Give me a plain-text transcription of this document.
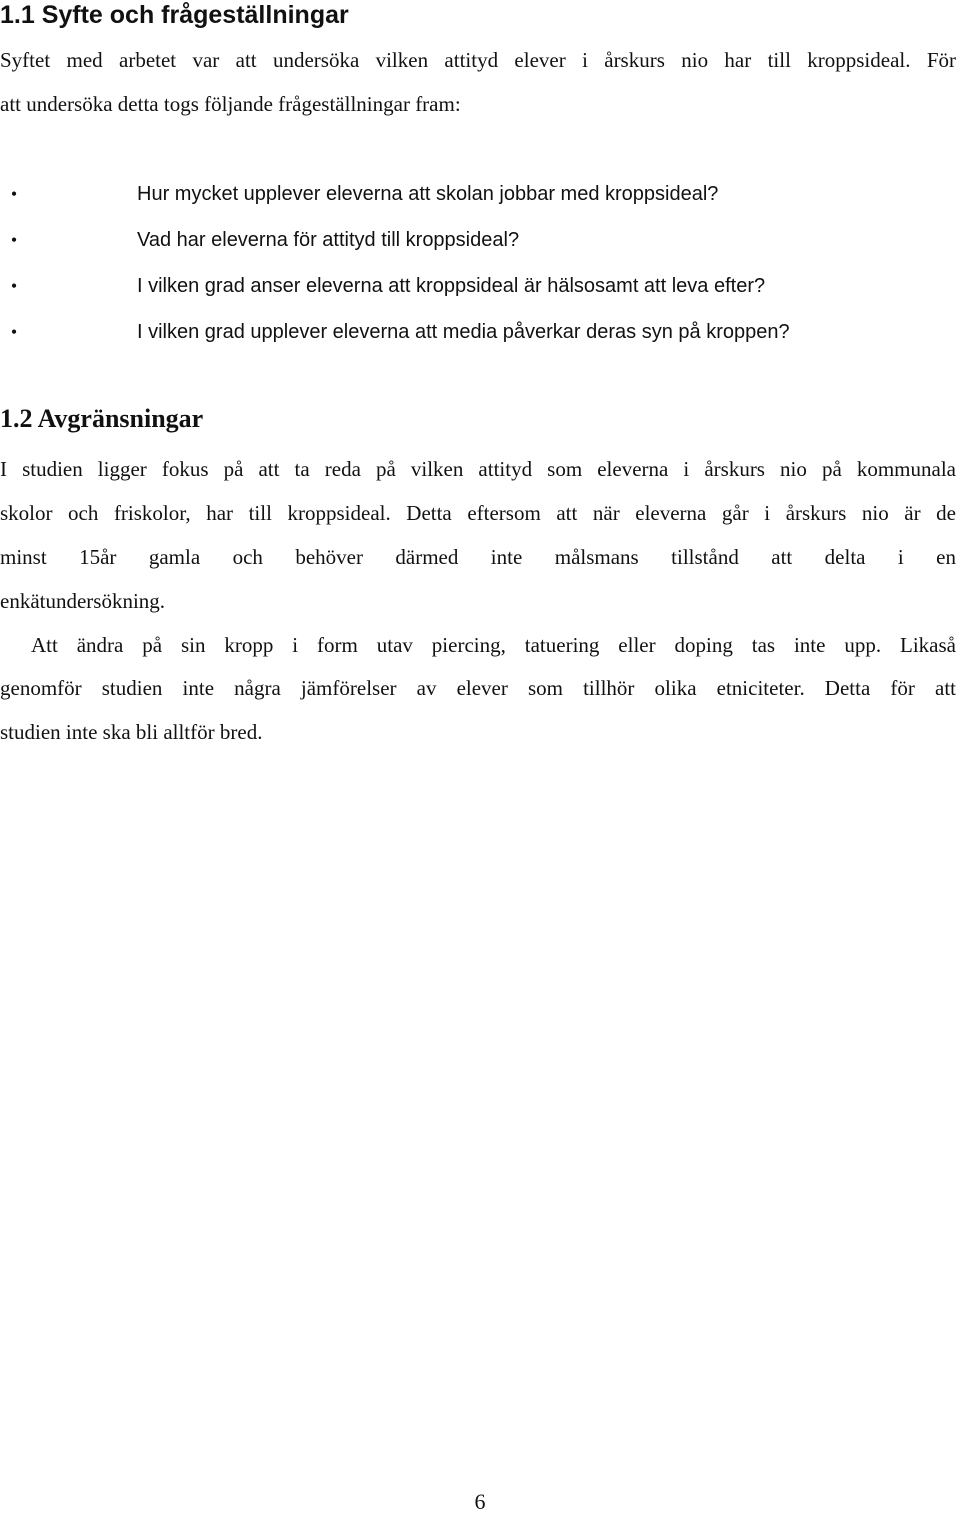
1.1 Syfte och frågeställningar
Syftet med arbetet var att undersöka vilken attityd elever i årskurs nio har till kroppsideal. För
att undersöka detta togs följande frågeställningar fram:
•	Hur mycket upplever eleverna att skolan jobbar med kroppsideal?
•	Vad har eleverna för attityd till kroppsideal?
•	I vilken grad anser eleverna att kroppsideal är hälsosamt att leva efter?
•	I vilken grad upplever eleverna att media påverkar deras syn på kroppen?
1.2 Avgränsningar
I studien ligger fokus på att ta reda på vilken attityd som eleverna i årskurs nio på kommunala
skolor och friskolor, har till kroppsideal. Detta eftersom att när eleverna går i årskurs nio är de
minst 15år gamla och behöver därmed inte målsmans tillstånd att delta i en
enkätundersökning.
Att ändra på sin kropp i form utav piercing, tatuering eller doping tas inte upp. Likaså
genomför studien inte några jämförelser av elever som tillhör olika etniciteter. Detta för att
studien inte ska bli alltför bred.
6
